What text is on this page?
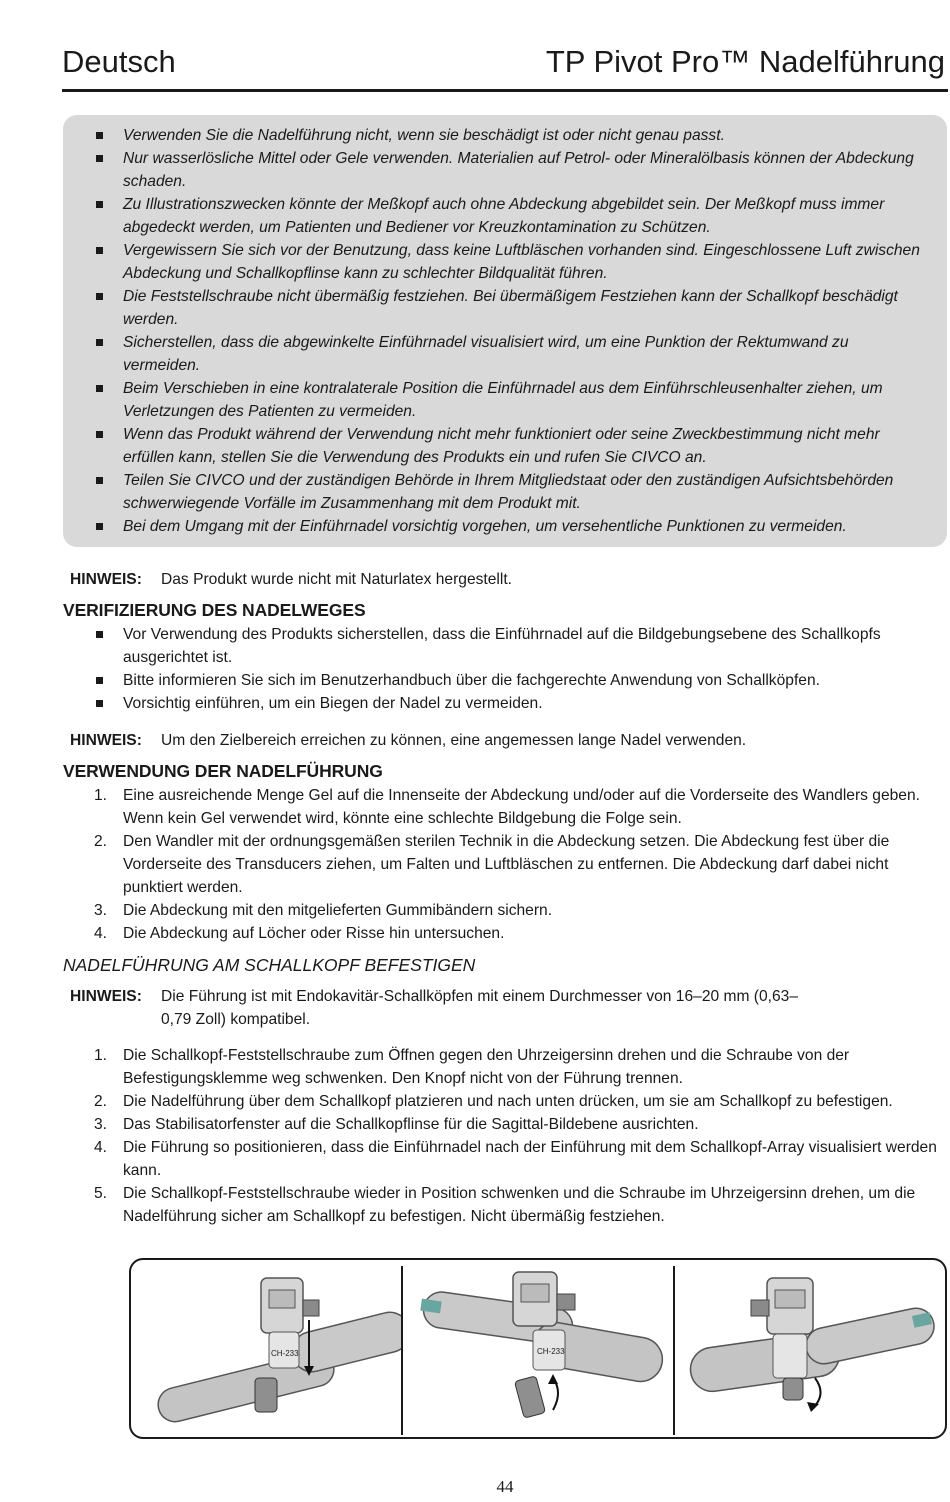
Deutsch	TP Pivot Pro™ Nadelführung
Verwenden Sie die Nadelführung nicht, wenn sie beschädigt ist oder nicht genau passt.
Nur wasserlösliche Mittel oder Gele verwenden. Materialien auf Petrol- oder Mineralölbasis können der Abdeckung schaden.
Zu Illustrationszwecken könnte der Meßkopf auch ohne Abdeckung abgebildet sein. Der Meßkopf muss immer abgedeckt werden, um Patienten und Bediener vor Kreuzkontamination zu Schützen.
Vergewissern Sie sich vor der Benutzung, dass keine Luftbläschen vorhanden sind. Eingeschlossene Luft zwischen Abdeckung und Schallkopflinse kann zu schlechter Bildqualität führen.
Die Feststellschraube nicht übermäßig festziehen. Bei übermäßigem Festziehen kann der Schallkopf beschädigt werden.
Sicherstellen, dass die abgewinkelte Einführnadel visualisiert wird, um eine Punktion der Rektumwand zu vermeiden.
Beim Verschieben in eine kontralaterale Position die Einführnadel aus dem Einführschleusenhalter ziehen, um Verletzungen des Patienten zu vermeiden.
Wenn das Produkt während der Verwendung nicht mehr funktioniert oder seine Zweckbestimmung nicht mehr erfüllen kann, stellen Sie die Verwendung des Produkts ein und rufen Sie CIVCO an.
Teilen Sie CIVCO und der zuständigen Behörde in Ihrem Mitgliedstaat oder den zuständigen Aufsichtsbehörden schwerwiegende Vorfälle im Zusammenhang mit dem Produkt mit.
Bei dem Umgang mit der Einführnadel vorsichtig vorgehen, um versehentliche Punktionen zu vermeiden.
HINWEIS: Das Produkt wurde nicht mit Naturlatex hergestellt.
VERIFIZIERUNG DES NADELWEGES
Vor Verwendung des Produkts sicherstellen, dass die Einführnadel auf die Bildgebungsebene des Schallkopfs ausgerichtet ist.
Bitte informieren Sie sich im Benutzerhandbuch über die fachgerechte Anwendung von Schallköpfen.
Vorsichtig einführen, um ein Biegen der Nadel zu vermeiden.
HINWEIS: Um den Zielbereich erreichen zu können, eine angemessen lange Nadel verwenden.
VERWENDUNG DER NADELFÜHRUNG
1. Eine ausreichende Menge Gel auf die Innenseite der Abdeckung und/oder auf die Vorderseite des Wandlers geben. Wenn kein Gel verwendet wird, könnte eine schlechte Bildgebung die Folge sein.
2. Den Wandler mit der ordnungsgemäßen sterilen Technik in die Abdeckung setzen. Die Abdeckung fest über die Vorderseite des Transducers ziehen, um Falten und Luftbläschen zu entfernen. Die Abdeckung darf dabei nicht punktiert werden.
3. Die Abdeckung mit den mitgelieferten Gummibändern sichern.
4. Die Abdeckung auf Löcher oder Risse hin untersuchen.
NADELFÜHRUNG AM SCHALLKOPF BEFESTIGEN
HINWEIS: Die Führung ist mit Endokavitär-Schallköpfen mit einem Durchmesser von 16–20 mm (0,63–
0,79 Zoll) kompatibel.
1. Die Schallkopf-Feststellschraube zum Öffnen gegen den Uhrzeigersinn drehen und die Schraube von der Befestigungsklemme weg schwenken. Den Knopf nicht von der Führung trennen.
2. Die Nadelführung über dem Schallkopf platzieren und nach unten drücken, um sie am Schallkopf zu befestigen.
3. Das Stabilisatorfenster auf die Schallkopflinse für die Sagittal-Bildebene ausrichten.
4. Die Führung so positionieren, dass die Einführnadel nach der Einführung mit dem Schallkopf-Array visualisiert werden kann.
5. Die Schallkopf-Feststellschraube wieder in Position schwenken und die Schraube im Uhrzeigersinn drehen, um die Nadelführung sicher am Schallkopf zu befestigen. Nicht übermäßig festziehen.
CH-233	CH-233
44
